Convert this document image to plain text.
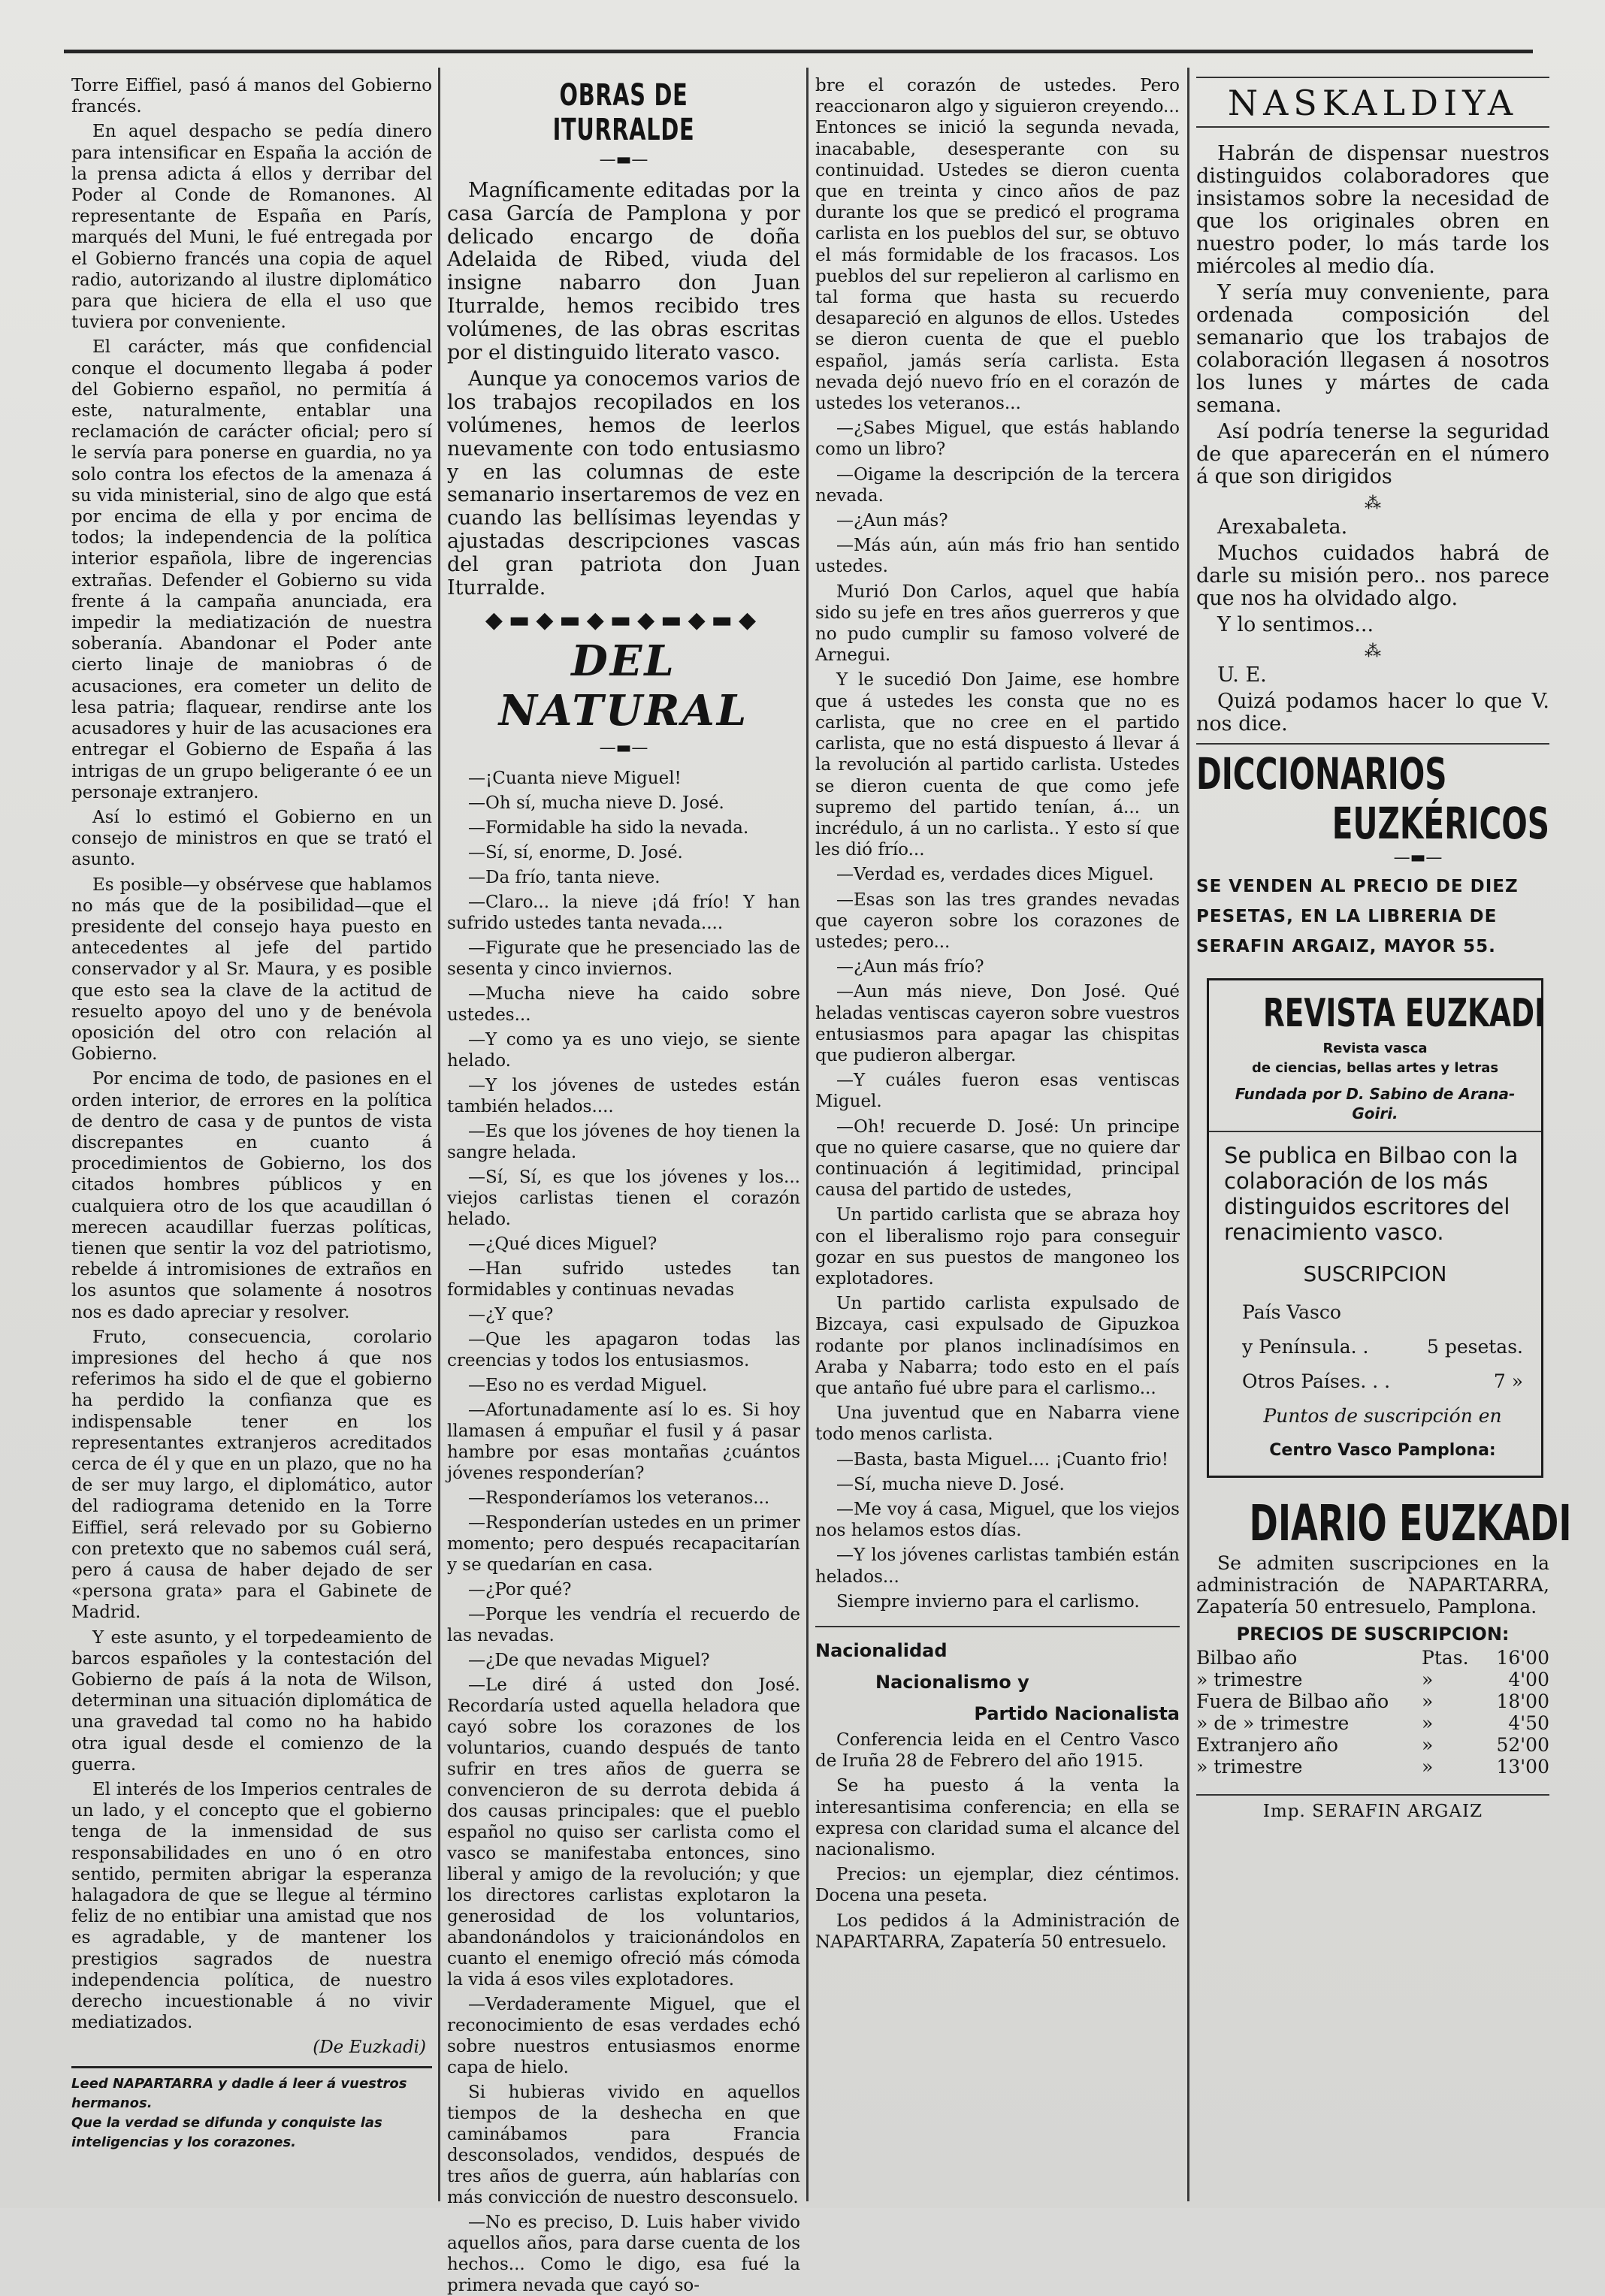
Torre Eiffiel, pasó á manos del Gobierno francés.

En aquel despacho se pedía dinero para intensificar en España la acción de la prensa adicta á ellos y derribar del Poder al Conde de Romanones. Al representante de España en París, marqués del Muni, le fué entregada por el Gobierno francés una copia de aquel radio, autorizando al ilustre diplomático para que hiciera de ella el uso que tuviera por conveniente.

El carácter, más que confidencial conque el documento llegaba á poder del Gobierno español, no permitía á este, naturalmente, entablar una reclamación de carácter oficial; pero sí le servía para ponerse en guardia, no ya solo contra los efectos de la amenaza á su vida ministerial, sino de algo que está por encima de ella y por encima de todos; la independencia de la política interior española, libre de ingerencias extrañas. Defender el Gobierno su vida frente á la campaña anunciada, era impedir la mediatización de nuestra soberanía. Abandonar el Poder ante cierto linaje de maniobras ó de acusaciones, era cometer un delito de lesa patria; flaquear, rendirse ante los acusadores y huir de las acusaciones era entregar el Gobierno de España á las intrigas de un grupo beligerante ó ee un personaje extranjero.

Así lo estimó el Gobierno en un consejo de ministros en que se trató el asunto.

Es posible—y obsérvese que hablamos no más que de la posibilidad—que el presidente del consejo haya puesto en antecedentes al jefe del partido conservador y al Sr. Maura, y es posible que esto sea la clave de la actitud de resuelto apoyo del uno y de benévola oposición del otro con relación al Gobierno.

Por encima de todo, de pasiones en el orden interior, de errores en la política de dentro de casa y de puntos de vista discrepantes en cuanto á procedimientos de Gobierno, los dos citados hombres públicos y en cualquiera otro de los que acaudillan ó merecen acaudillar fuerzas políticas, tienen que sentir la voz del patriotismo, rebelde á intromisiones de extraños en los asuntos que solamente á nosotros nos es dado apreciar y resolver.

Fruto, consecuencia, corolario impresiones del hecho á que nos referimos ha sido el de que el gobierno ha perdido la confianza que es indispensable tener en los representantes extranjeros acreditados cerca de él y que en un plazo, que no ha de ser muy largo, el diplomático, autor del radiograma detenido en la Torre Eiffiel, será relevado por su Gobierno con pretexto que no sabemos cuál será, pero á causa de haber dejado de ser «persona grata» para el Gabinete de Madrid.

Y este asunto, y el torpedeamiento de barcos españoles y la contestación del Gobierno de país á la nota de Wilson, determinan una situación diplomática de una gravedad tal como no ha habido otra igual desde el comienzo de la guerra.

El interés de los Imperios centrales de un lado, y el concepto que el gobierno tenga de la inmensidad de sus responsabilidades en uno ó en otro sentido, permiten abrigar la esperanza halagadora de que se llegue al término feliz de no entibiar una amistad que nos es agradable, y de mantener los prestigios sagrados de nuestra independencia política, de nuestro derecho incuestionable á no vivir mediatizados.

(De Euzkadi)
Leed NAPARTARRA y dadle á leer á vuestros hermanos.
Que la verdad se difunda y conquiste las inteligencias y los corazones.
OBRAS DE ITURRALDE
—▬—

Magníficamente editadas por la casa García de Pamplona y por delicado encargo de doña Adelaida de Ribed, viuda del insigne nabarro don Juan Iturralde, hemos recibido tres volúmenes, de las obras escritas por el distinguido literato vasco.

Aunque ya conocemos varios de los trabajos recopilados en los volúmenes, hemos de leerlos nuevamente con todo entusiasmo y en las columnas de este semanario insertaremos de vez en cuando las bellísimas leyendas y ajustadas descripciones vascas del gran patriota don Juan Iturralde.

◆▬◆▬◆▬◆▬◆▬◆
DEL NATURAL
—▬—

—¡Cuanta nieve Miguel!

—Oh sí, mucha nieve D. José.

—Formidable ha sido la nevada.

—Sí, sí, enorme, D. José.

—Da frío, tanta nieve.

—Claro... la nieve ¡dá frío! Y han sufrido ustedes tanta nevada....

—Figurate que he presenciado las de sesenta y cinco inviernos.

—Mucha nieve ha caido sobre ustedes...

—Y como ya es uno viejo, se siente helado.

—Y los jóvenes de ustedes están también helados....

—Es que los jóvenes de hoy tienen la sangre helada.

—Sí, Sí, es que los jóvenes y los... viejos carlistas tienen el corazón helado.

—¿Qué dices Miguel?

—Han sufrido ustedes tan formidables y continuas nevadas

—¿Y que?

—Que les apagaron todas las creencias y todos los entusiasmos.

—Eso no es verdad Miguel.

—Afortunadamente así lo es. Si hoy llamasen á empuñar el fusil y á pasar hambre por esas montañas ¿cuántos jóvenes responderían?

—Responderíamos los veteranos...

—Responderían ustedes en un primer momento; pero después recapacitarían y se quedarían en casa.

—¿Por qué?

—Porque les vendría el recuerdo de las nevadas.

—¿De que nevadas Miguel?

—Le diré á usted don José. Recordaría usted aquella heladora que cayó sobre los corazones de los voluntarios, cuando después de tanto sufrir en tres años de guerra se convencieron de su derrota debida á dos causas principales: que el pueblo español no quiso ser carlista como el vasco se manifestaba entonces, sino liberal y amigo de la revolución; y que los directores carlistas explotaron la generosidad de los voluntarios, abandonándolos y traicionándolos en cuanto el enemigo ofreció más cómoda la vida á esos viles explotadores.

—Verdaderamente Miguel, que el reconocimiento de esas verdades echó sobre nuestros entusiasmos enorme capa de hielo.

Si hubieras vivido en aquellos tiempos de la deshecha en que caminábamos para Francia desconsolados, vendidos, después de tres años de guerra, aún hablarías con más convicción de nuestro desconsuelo.

—No es preciso, D. Luis haber vivido aquellos años, para darse cuenta de los hechos... Como le digo, esa fué la primera nevada que cayó so-

bre el corazón de ustedes. Pero reaccionaron algo y siguieron creyendo... Entonces se inició la segunda nevada, inacabable, desesperante con su continuidad. Ustedes se dieron cuenta que en treinta y cinco años de paz durante los que se predicó el programa carlista en los pueblos del sur, se obtuvo el más formidable de los fracasos. Los pueblos del sur repelieron al carlismo en tal forma que hasta su recuerdo desapareció en algunos de ellos. Ustedes se dieron cuenta de que el pueblo español, jamás sería carlista. Esta nevada dejó nuevo frío en el corazón de ustedes los veteranos...

—¿Sabes Miguel, que estás hablando como un libro?

—Oigame la descripción de la tercera nevada.

—¿Aun más?

—Más aún, aún más frio han sentido ustedes.

Murió Don Carlos, aquel que había sido su jefe en tres años guerreros y que no pudo cumplir su famoso volveré de Arnegui.

Y le sucedió Don Jaime, ese hombre que á ustedes les consta que no es carlista, que no cree en el partido carlista, que no está dispuesto á llevar á la revolución al partido carlista. Ustedes se dieron cuenta de que como jefe supremo del partido tenían, á... un incrédulo, á un no carlista.. Y esto sí que les dió frío...

—Verdad es, verdades dices Miguel.

—Esas son las tres grandes nevadas que cayeron sobre los corazones de ustedes; pero...

—¿Aun más frío?

—Aun más nieve, Don José. Qué heladas ventiscas cayeron sobre vuestros entusiasmos para apagar las chispitas que pudieron albergar.

—Y cuáles fueron esas ventiscas Miguel.

—Oh! recuerde D. José: Un principe que no quiere casarse, que no quiere dar continuación á legitimidad, principal causa del partido de ustedes,

Un partido carlista que se abraza hoy con el liberalismo rojo para conseguir gozar en sus puestos de mangoneo los explotadores.

Un partido carlista expulsado de Bizcaya, casi expulsado de Gipuzkoa rodante por planos inclinadísimos en Araba y Nabarra; todo esto en el país que antaño fué ubre para el carlismo...

Una juventud que en Nabarra viene todo menos carlista.

—Basta, basta Miguel.... ¡Cuanto frio!

—Sí, mucha nieve D. José.

—Me voy á casa, Miguel, que los viejos nos helamos estos días.

—Y los jóvenes carlistas también están helados...

Siempre invierno para el carlismo.

Nacionalidad
Nacionalismo y
Partido Nacionalista

Conferencia leida en el Centro Vasco de Iruña 28 de Febrero del año 1915.

Se ha puesto á la venta la interesantisima conferencia; en ella se expresa con claridad suma el alcance del nacionalismo.

Precios: un ejemplar, diez céntimos. Docena una peseta.

Los pedidos á la Administración de NAPARTARRA, Zapatería 50 entresuelo.

NASKALDIYA

Habrán de dispensar nuestros distinguidos colaboradores que insistamos sobre la necesidad de que los originales obren en nuestro poder, lo más tarde los miércoles al medio día.

Y sería muy conveniente, para ordenada composición del semanario que los trabajos de colaboración llegasen á nosotros los lunes y mártes de cada semana.

Así podría tenerse la seguridad de que aparecerán en el número á que son dirigidos

⁂

Arexabaleta.

Muchos cuidados habrá de darle su misión pero.. nos parece que nos ha olvidado algo.

Y lo sentimos...

⁂

U. E.

Quizá podamos hacer lo que V. nos dice.

DICCIONARIOS
EUZKÉRICOS
—▬—
SE VENDEN AL PRECIO DE DIEZ PESETAS, EN LA LIBRERIA DE SERAFIN ARGAIZ, MAYOR 55.
REVISTA EUZKADI
Revista vasca
de ciencias, bellas artes y letras
Fundada por D. Sabino de Arana-Goiri.

Se publica en Bilbao con la colaboración de los más distinguidos escritores del renacimiento vasco.

SUSCRIPCION
País Vasco
y Península. .	5 pesetas.
Otros Países. . .	7 »
Puntos de suscripción en
Centro Vasco Pamplona:
DIARIO EUZKADI

Se admiten suscripciones en la administración de NAPARTARRA, Zapatería 50 entresuelo, Pamplona.

PRECIOS DE SUSCRIPCION:
Bilbao año	Ptas.	16'00
» trimestre	»	4'00
Fuera de Bilbao año	»	18'00
» de » trimestre	»	4'50
Extranjero año	»	52'00
» trimestre	»	13'00
Imp. SERAFIN ARGAIZ
